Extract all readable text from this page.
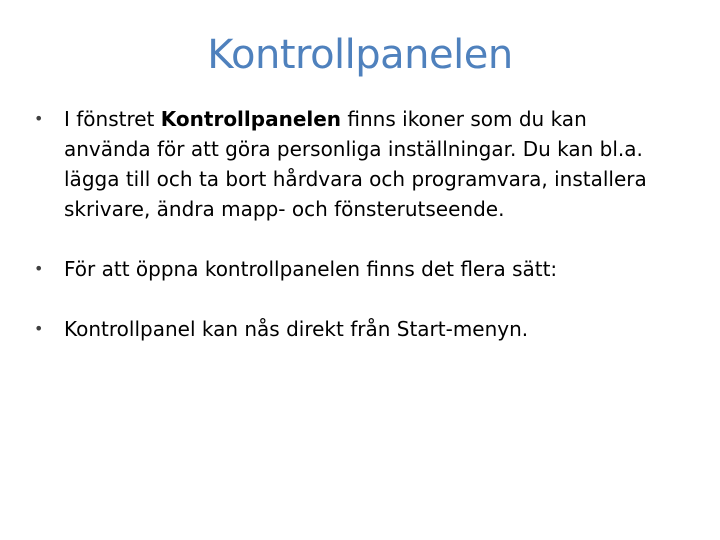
Kontrollpanelen
• I fönstret Kontrollpanelen finns ikoner som du kan använda för att göra personliga inställningar. Du kan bl.a. lägga till och ta bort hårdvara och programvara, installera skrivare, ändra mapp- och fönsterutseende.
• För att öppna kontrollpanelen finns det flera sätt:
• Kontrollpanel kan nås direkt från Start-menyn.
